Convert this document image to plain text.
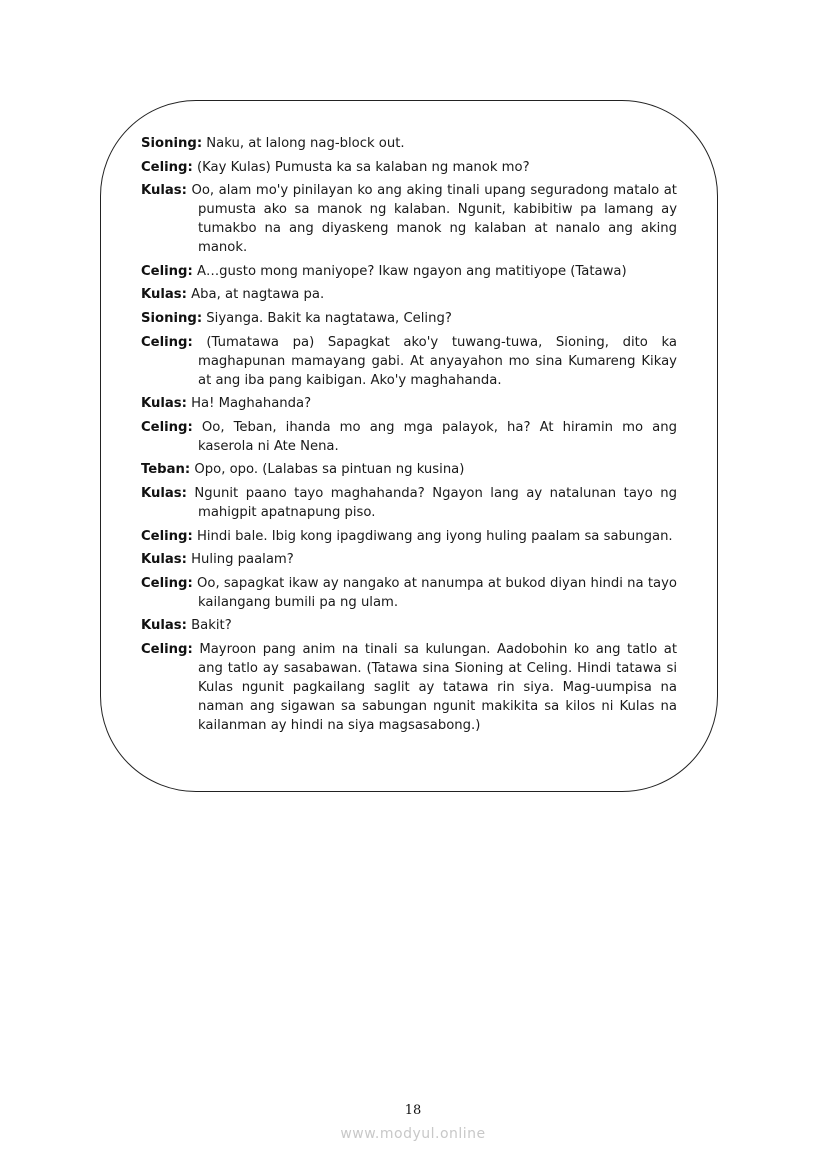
Sioning: Naku, at lalong nag-block out.

Celing: (Kay Kulas) Pumusta ka sa kalaban ng manok mo?

Kulas: Oo, alam mo'y pinilayan ko ang aking tinali upang seguradong matalo at pumusta ako sa manok ng kalaban. Ngunit, kabibitiw pa lamang ay tumakbo na ang diyaskeng manok ng kalaban at nanalo ang aking manok.

Celing: A…gusto mong maniyope? Ikaw ngayon ang matitiyope (Tatawa)

Kulas: Aba, at nagtawa pa.

Sioning: Siyanga. Bakit ka nagtatawa, Celing?

Celing: (Tumatawa pa) Sapagkat ako'y tuwang-tuwa, Sioning, dito ka maghapunan mamayang gabi. At anyayahon mo sina Kumareng Kikay at ang iba pang kaibigan. Ako'y maghahanda.

Kulas: Ha! Maghahanda?

Celing: Oo, Teban, ihanda mo ang mga palayok, ha? At hiramin mo ang kaserola ni Ate Nena.

Teban: Opo, opo. (Lalabas sa pintuan ng kusina)

Kulas: Ngunit paano tayo maghahanda? Ngayon lang ay natalunan tayo ng mahigpit apatnapung piso.

Celing: Hindi bale. Ibig kong ipagdiwang ang iyong huling paalam sa sabungan.

Kulas: Huling paalam?

Celing: Oo, sapagkat ikaw ay nangako at nanumpa at bukod diyan hindi na tayo kailangang bumili pa ng ulam.

Kulas: Bakit?

Celing: Mayroon pang anim na tinali sa kulungan. Aadobohin ko ang tatlo at ang tatlo ay sasabawan. (Tatawa sina Sioning at Celing. Hindi tatawa si Kulas ngunit pagkailang saglit ay tatawa rin siya. Mag-uumpisa na naman ang sigawan sa sabungan ngunit makikita sa kilos ni Kulas na kailanman ay hindi na siya magsasabong.)

18
www.modyul.online
